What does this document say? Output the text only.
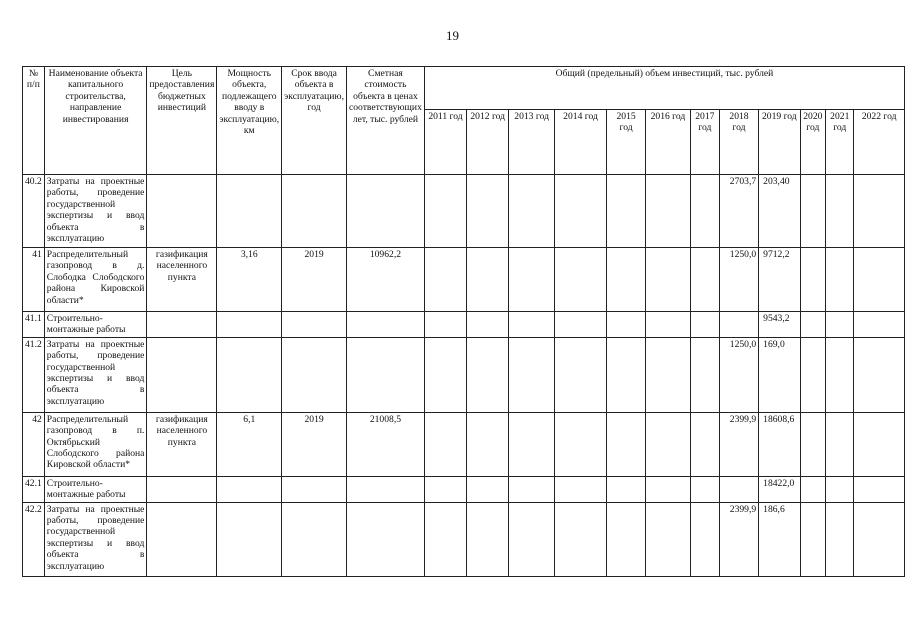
19
№ п/п	Наименование объекта капитального строительства, направление инвестирования	Цель предоставления бюджетных инвестиций	Мощность объекта, подлежащего вводу в эксплуатацию, км	Срок ввода объекта в эксплуатацию, год	Сметная стоимость объекта в ценах соответствующих лет, тыс. рублей	Общий (предельный) объем инвестиций, тыс. рублей											
						2011 год	2012 год	2013 год	2014 год	2015 год	2016 год	2017 год	2018 год	2019 год	2020 год	2021 год	2022 год
40.2	Затраты на проектные работы, проведение государственной экспертизы и ввод объекта в эксплуатацию												2703,7	203,40			
41	Распределительный газопровод в д. Слободка Слободского района Кировской области*	газификация населенного пункта	3,16	2019	10962,2								1250,0	9712,2			
41.1	Строительно-монтажные работы													9543,2			
41.2	Затраты на проектные работы, проведение государственной экспертизы и ввод объекта в эксплуатацию												1250,0	169,0			
42	Распределительный газопровод в п. Октябрьский Слободского района Кировской области*	газификация населенного пункта	6,1	2019	21008,5								2399,9	18608,6			
42.1	Строительно-монтажные работы													18422,0			
42.2	Затраты на проектные работы, проведение государственной экспертизы и ввод объекта в эксплуатацию												2399,9	186,6			
